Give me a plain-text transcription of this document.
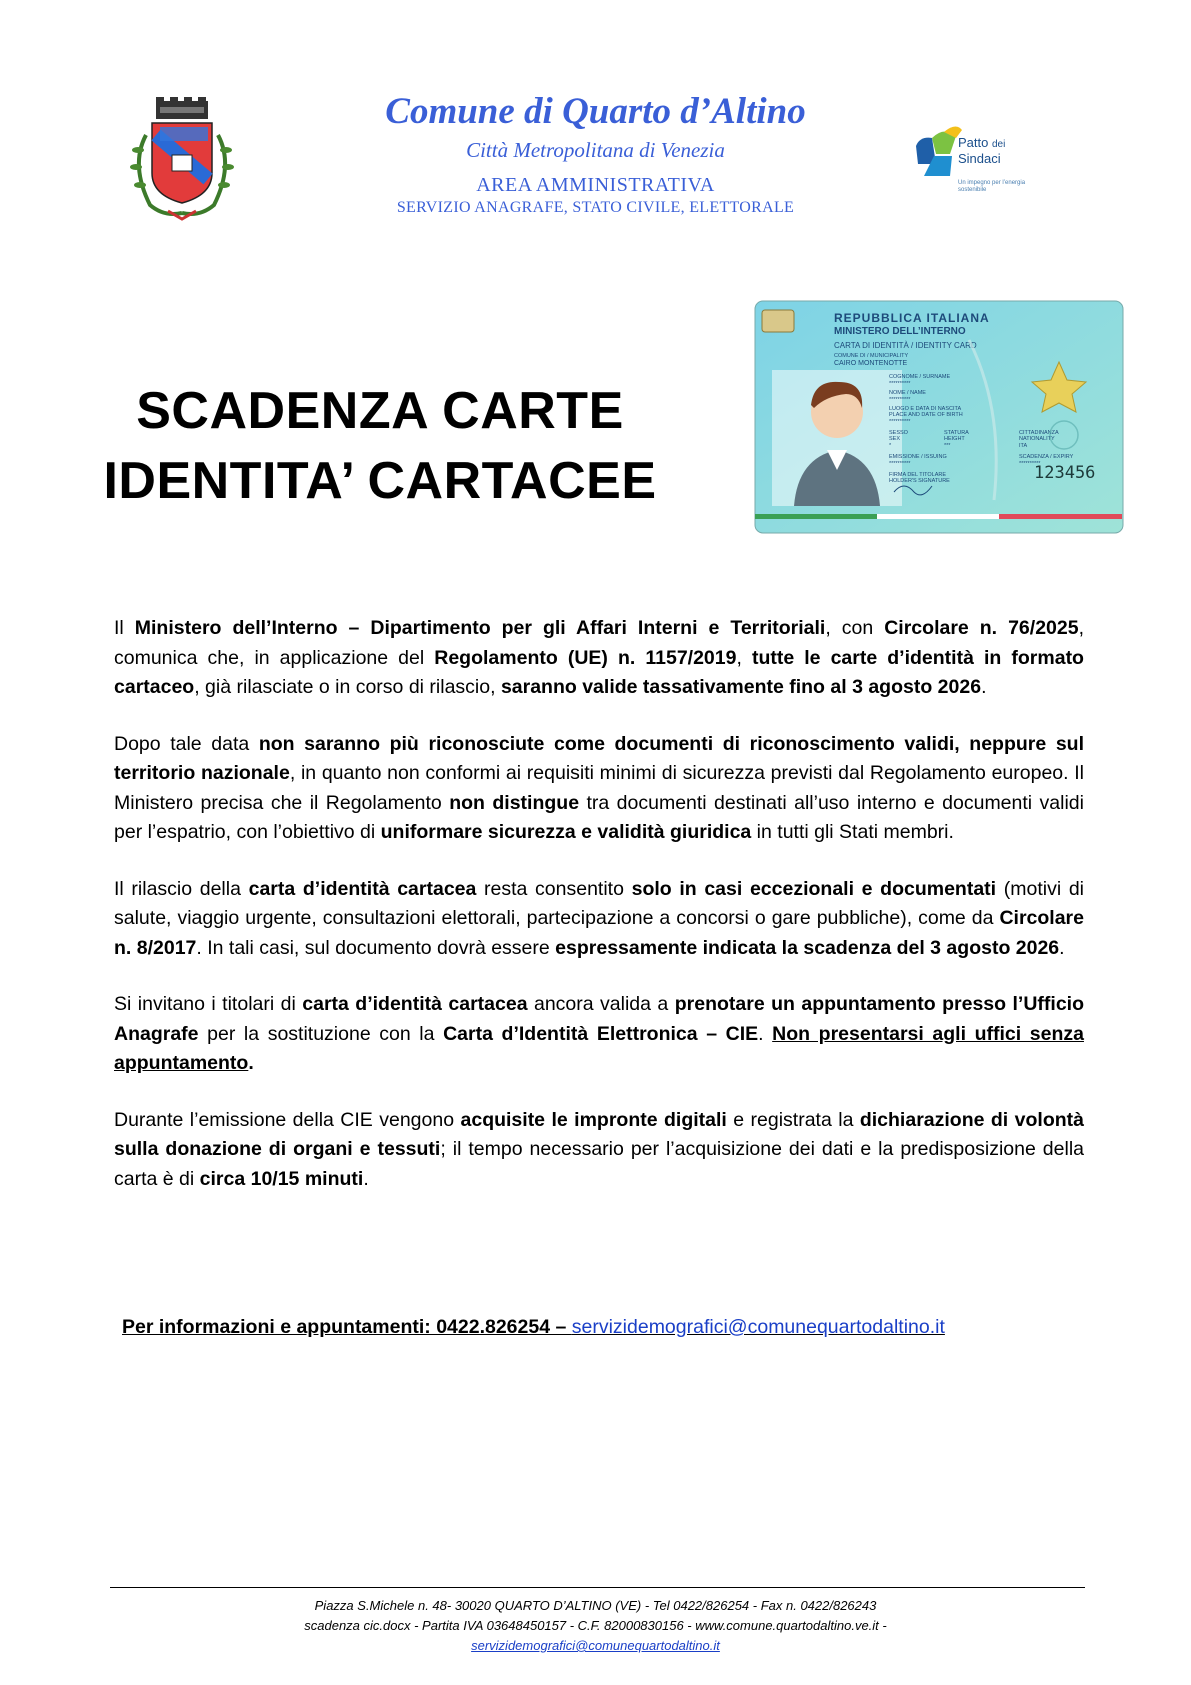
Comune di Quarto d’Altino
Città Metropolitana di Venezia
AREA AMMINISTRATIVA
SERVIZIO ANAGRAFE, STATO CIVILE, ELETTORALE
Patto dei
Sindaci
Un impegno per l’energia sostenibile
SCADENZA CARTE
IDENTITA’ CARTACEE
REPUBBLICA ITALIANA
MINISTERO DELL’INTERNO
CARTA DI IDENTITÀ / IDENTITY CARD
COMUNE DI / MUNICIPALITY
CAIRO MONTENOTTE
COGNOME / SURNAME
**********
NOME / NAME
**********
LUOGO E DATA DI NASCITA
PLACE AND DATE OF BIRTH
**********
SESSO
SEX
*
STATURA
HEIGHT
***
CITTADINANZA
NATIONALITY
ITA
EMISSIONE / ISSUING
**********
SCADENZA / EXPIRY
**********
FIRMA DEL TITOLARE
HOLDER'S SIGNATURE	123456

Il Ministero dell’Interno – Dipartimento per gli Affari Interni e Territoriali, con Circolare n. 76/2025, comunica che, in applicazione del Regolamento (UE) n. 1157/2019, tutte le carte d’identità in formato cartaceo, già rilasciate o in corso di rilascio, saranno valide tassativamente fino al 3 agosto 2026.

Dopo tale data non saranno più riconosciute come documenti di riconoscimento validi, neppure sul territorio nazionale, in quanto non conformi ai requisiti minimi di sicurezza previsti dal Regolamento europeo. Il Ministero precisa che il Regolamento non distingue tra documenti destinati all’uso interno e documenti validi per l’espatrio, con l’obiettivo di uniformare sicurezza e validità giuridica in tutti gli Stati membri.

Il rilascio della carta d’identità cartacea resta consentito solo in casi eccezionali e documentati (motivi di salute, viaggio urgente, consultazioni elettorali, partecipazione a concorsi o gare pubbliche), come da Circolare n. 8/2017. In tali casi, sul documento dovrà essere espressamente indicata la scadenza del 3 agosto 2026.

Si invitano i titolari di carta d’identità cartacea ancora valida a prenotare un appuntamento presso l’Ufficio Anagrafe per la sostituzione con la Carta d’Identità Elettronica – CIE. Non presentarsi agli uffici senza appuntamento.

Durante l’emissione della CIE vengono acquisite le impronte digitali e registrata la dichiarazione di volontà sulla donazione di organi e tessuti; il tempo necessario per l’acquisizione dei dati e la predisposizione della carta è di circa 10/15 minuti.

Per informazioni e appuntamenti: 0422.826254 – servizidemografici@comunequartodaltino.it
Piazza S.Michele n. 48- 30020 QUARTO D’ALTINO (VE) - Tel 0422/826254 - Fax n. 0422/826243
scadenza cic.docx - Partita IVA 03648450157 - C.F. 82000830156 - www.comune.quartodaltino.ve.it -
servizidemografici@comunequartodaltino.it
